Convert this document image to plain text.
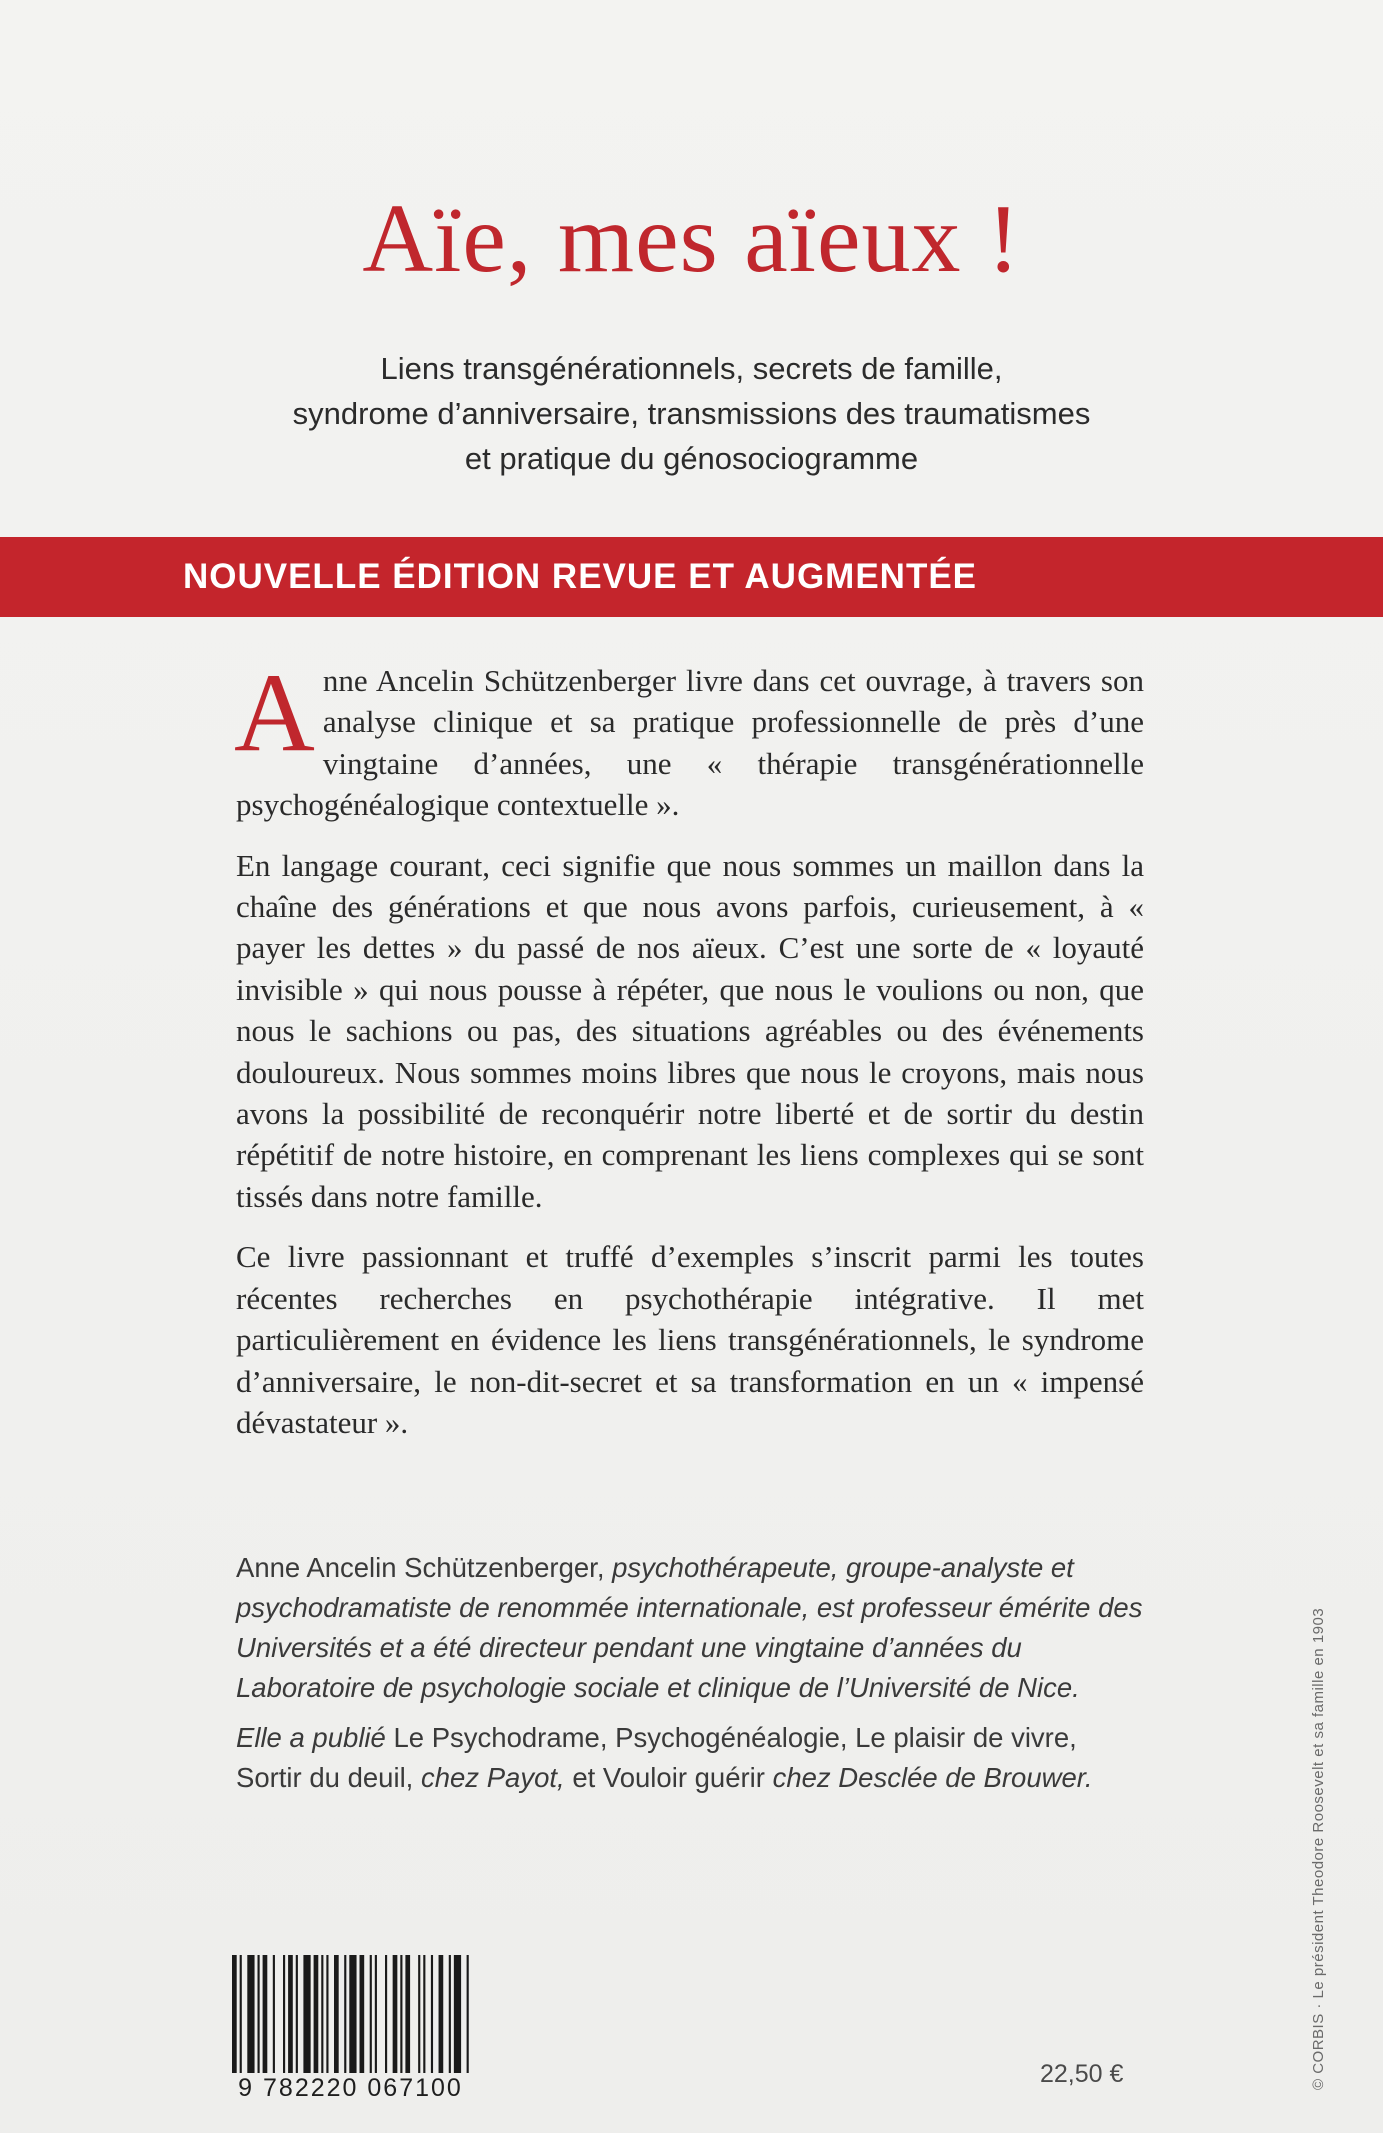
Aïe, mes aïeux !
Liens transgénérationnels, secrets de famille,
syndrome d’anniversaire, transmissions des traumatismes
et pratique du génosociogramme
NOUVELLE ÉDITION REVUE ET AUGMENTÉE

Anne Ancelin Schützenberger livre dans cet ouvrage, à travers son analyse clinique et sa pratique professionnelle de près d’une vingtaine d’années, une « thérapie transgénérationnelle psychogénéalogique contextuelle ».

En langage courant, ceci signifie que nous sommes un maillon dans la chaîne des générations et que nous avons parfois, curieusement, à « payer les dettes » du passé de nos aïeux. C’est une sorte de « loyauté invisible » qui nous pousse à répéter, que nous le voulions ou non, que nous le sachions ou pas, des situations agréables ou des événements douloureux. Nous sommes moins libres que nous le croyons, mais nous avons la possibilité de reconquérir notre liberté et de sortir du destin répétitif de notre histoire, en comprenant les liens complexes qui se sont tissés dans notre famille.

Ce livre passionnant et truffé d’exemples s’inscrit parmi les toutes récentes recherches en psychothérapie intégrative. Il met particulièrement en évidence les liens transgénérationnels, le syndrome d’anniversaire, le non-dit-secret et sa transformation en un « impensé dévastateur ».

Anne Ancelin Schützenberger, psychothérapeute, groupe-analyste et psychodramatiste de renommée internationale, est professeur émérite des Universités et a été directeur pendant une vingtaine d’années du Laboratoire de psychologie sociale et clinique de l’Université de Nice.

Elle a publié Le Psychodrame, Psychogénéalogie, Le plaisir de vivre, Sortir du deuil, chez Payot, et Vouloir guérir chez Desclée de Brouwer.	© CORBIS · Le président Theodore Roosevelt et sa famille en 1903
9 782220 067100	22,50 €
